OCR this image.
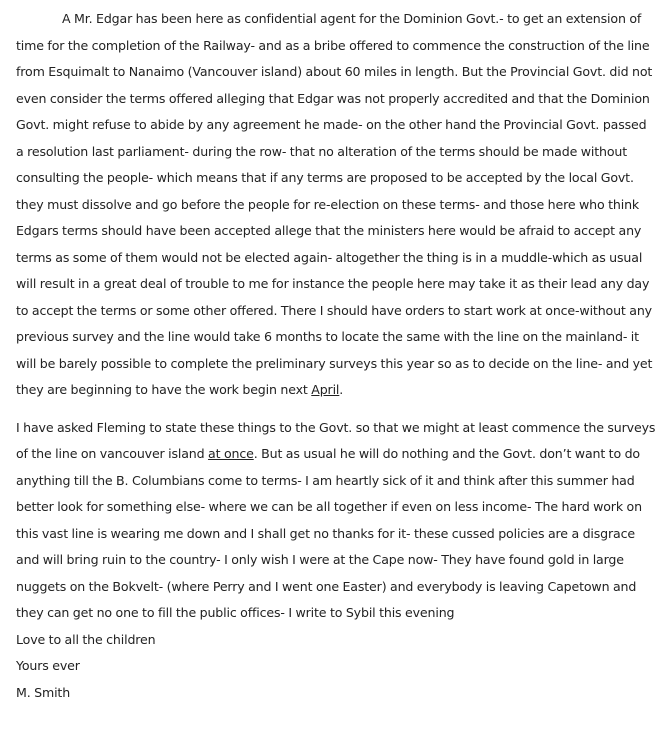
A Mr. Edgar has been here as confidential agent for the Dominion Govt.- to get an extension of time for the completion of the Railway- and as a bribe offered to commence the construction of the line from Esquimalt to Nanaimo (Vancouver island) about 60 miles in length. But the Provincial Govt. did not even consider the terms offered alleging that Edgar was not properly accredited and that the Dominion Govt. might refuse to abide by any agreement he made- on the other hand the Provincial Govt. passed a resolution last parliament- during the row- that no alteration of the terms should be made without consulting the people- which means that if any terms are proposed to be accepted by the local Govt. they must dissolve and go before the people for re-election on these terms- and those here who think Edgars terms should have been accepted allege that the ministers here would be afraid to accept any terms as some of them would not be elected again- altogether the thing is in a muddle-which as usual will result in a great deal of trouble to me for instance the people here may take it as their lead any day to accept the terms or some other offered. There I should have orders to start work at once-without any previous survey and the line would take 6 months to locate the same with the line on the mainland- it will be barely possible to complete the preliminary surveys this year so as to decide on the line- and yet they are beginning to have the work begin next April.

I have asked Fleming to state these things to the Govt. so that we might at least commence the surveys of the line on vancouver island at once. But as usual he will do nothing and the Govt. don’t want to do anything till the B. Columbians come to terms- I am heartly sick of it and think after this summer had better look for something else- where we can be all together if even on less income- The hard work on this vast line is wearing me down and I shall get no thanks for it- these cussed policies are a disgrace and will bring ruin to the country- I only wish I were at the Cape now- They have found gold in large nuggets on the Bokvelt- (where Perry and I went one Easter) and everybody is leaving Capetown and they can get no one to fill the public offices- I write to Sybil this evening

Love to all the children

Yours ever

M. Smith
